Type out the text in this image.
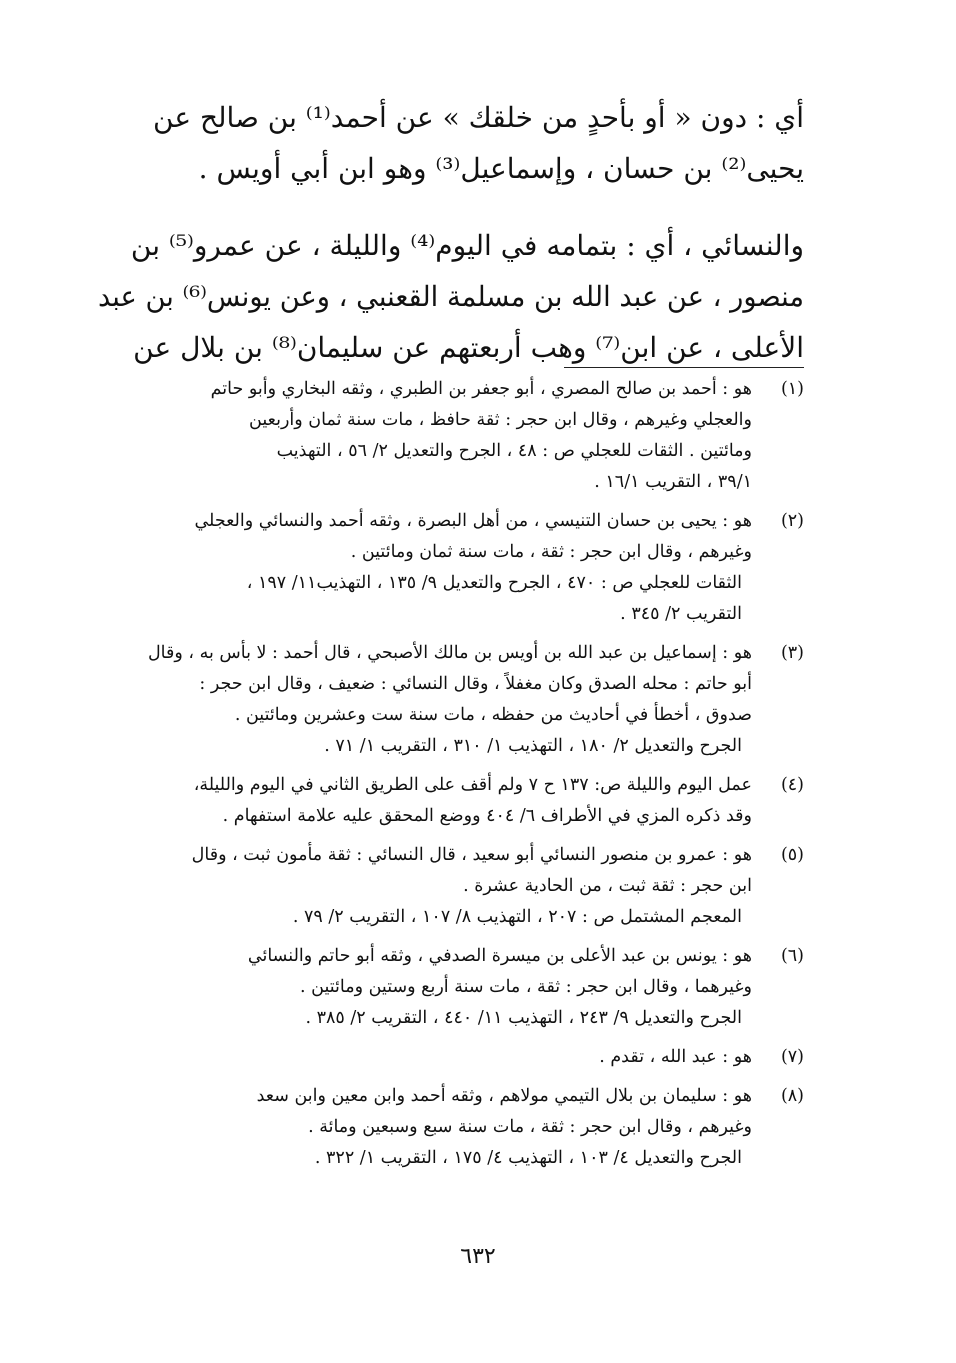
أي : دون « أو بأحدٍ من خلقك » عن أحمد⁽¹⁾ بن صالح عن
يحيى⁽²⁾ بن حسان ، وإسماعيل⁽³⁾ وهو ابن أبي أويس .
والنسائي ، أي : بتمامه في اليوم⁽⁴⁾ والليلة ، عن عمرو⁽⁵⁾ بن
منصور ، عن عبد الله بن مسلمة القعنبي ، وعن يونس⁽⁶⁾ بن عبد
الأعلى ، عن ابن⁽⁷⁾ وهب أربعتهم عن سليمان⁽⁸⁾ بن بلال عن
(١)
هو : أحمد بن صالح المصري ، أبو جعفر بن الطبري ، وثقه البخاري وأبو حاتم
والعجلي وغيرهم ، وقال ابن حجر : ثقة حافظ ، مات سنة ثمان وأربعين
ومائتين . الثقات للعجلي ص : ٤٨ ، الجرح والتعديل ٢/ ٥٦ ، التهذيب
٣٩/١ ، التقريب ١٦/١ .
(٢)
هو : يحيى بن حسان التنيسي ، من أهل البصرة ، وثقه أحمد والنسائي والعجلي
وغيرهم ، وقال ابن حجر : ثقة ، مات سنة ثمان ومائتين .
الثقات للعجلي ص : ٤٧٠ ، الجرح والتعديل ٩/ ١٣٥ ، التهذيب١١/ ١٩٧ ،
التقريب ٢/ ٣٤٥ .
(٣)
هو : إسماعيل بن عبد الله بن أويس بن مالك الأصبحي ، قال أحمد : لا بأس به ، وقال
أبو حاتم : محله الصدق وكان مغفلاً ، وقال النسائي : ضعيف ، وقال ابن حجر :
صدوق ، أخطأ في أحاديث من حفظه ، مات سنة ست وعشرين ومائتين .
الجرح والتعديل ٢/ ١٨٠ ، التهذيب ١/ ٣١٠ ، التقريب ١/ ٧١ .
(٤)
عمل اليوم والليلة ص: ١٣٧ ح ٧ ولم أقف على الطريق الثاني في اليوم والليلة،
وقد ذكره المزي في الأطراف ٦/ ٤٠٤ ووضع المحقق عليه علامة استفهام .
(٥)
هو : عمرو بن منصور النسائي أبو سعيد ، قال النسائي : ثقة مأمون ثبت ، وقال
ابن حجر : ثقة ثبت ، من الحادية عشرة .
المعجم المشتمل ص : ٢٠٧ ، التهذيب ٨/ ١٠٧ ، التقريب ٢/ ٧٩ .
(٦)
هو : يونس بن عبد الأعلى بن ميسرة الصدفي ، وثقه أبو حاتم والنسائي
وغيرهما ، وقال ابن حجر : ثقة ، مات سنة أربع وستين ومائتين .
الجرح والتعديل ٩/ ٢٤٣ ، التهذيب ١١/ ٤٤٠ ، التقريب ٢/ ٣٨٥ .
(٧)
هو : عبد الله ، تقدم .
(٨)
هو : سليمان بن بلال التيمي مولاهم ، وثقه أحمد وابن معين وابن سعد
وغيرهم ، وقال ابن حجر : ثقة ، مات سنة سبع وسبعين ومائة .
الجرح والتعديل ٤/ ١٠٣ ، التهذيب ٤/ ١٧٥ ، التقريب ١/ ٣٢٢ .
٦٣٢
